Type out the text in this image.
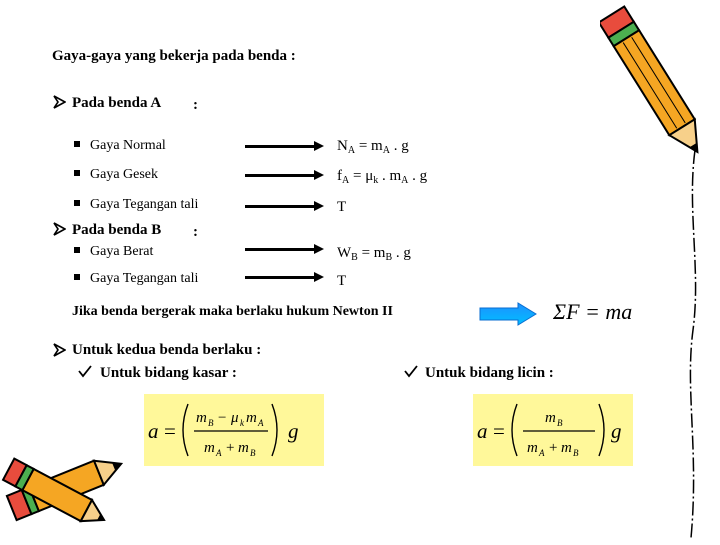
Gaya-gaya yang bekerja pada benda :
Pada benda A :
Gaya Normal	$N_A = m_A$ . g
Gaya Gesek	$f_A = \mu_k$ . $m_A$ . g
Gaya Tegangan tali	T
Pada benda B :
Gaya Berat	$W_B = m_B$ . g
Gaya Tegangan tali	T
Jika benda bergerak maka berlaku hukum Newton II	ΣF = ma
Untuk kedua benda berlaku :
Untuk bidang kasar :	Untuk bidang licin :
a =
m B − μ k m A
m A + m B
g	a =
m B
m A + m B
g
